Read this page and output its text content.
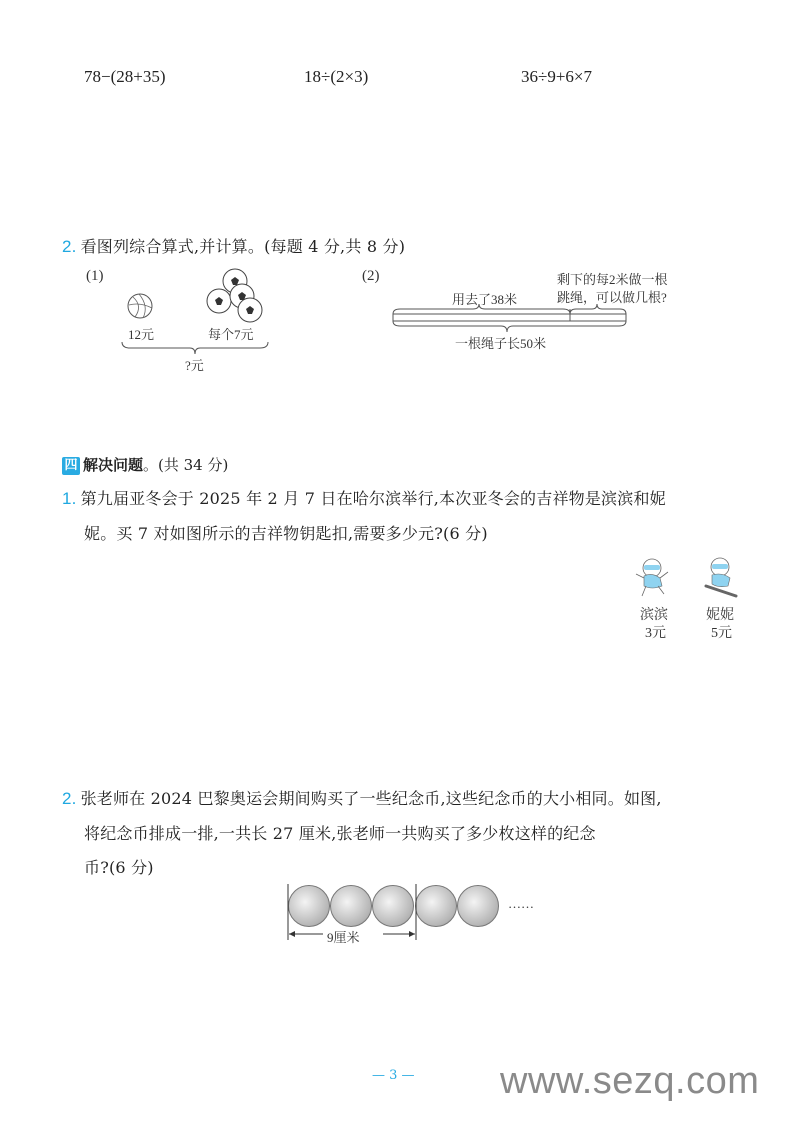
78−(28+35)	18÷(2×3)	36÷9+6×7
2. 看图列综合算式,并计算。(每题 4 分,共 8 分)
(1)
12元	每个7元
?元
(2)
用去了38米
剩下的每2米做一根
跳绳，可以做几根?
一根绳子长50米
四 解决问题。(共 34 分)
1. 第九届亚冬会于 2025 年 2 月 7 日在哈尔滨举行,本次亚冬会的吉祥物是滨滨和妮
妮。买 7 对如图所示的吉祥物钥匙扣,需要多少元?(6 分)
滨滨
3元
妮妮
5元
2. 张老师在 2024 巴黎奥运会期间购买了一些纪念币,这些纪念币的大小相同。如图,
将纪念币排成一排,一共长 27 厘米,张老师一共购买了多少枚这样的纪念
币?(6 分)
……
9厘米
— 3 — www.sezq.com
